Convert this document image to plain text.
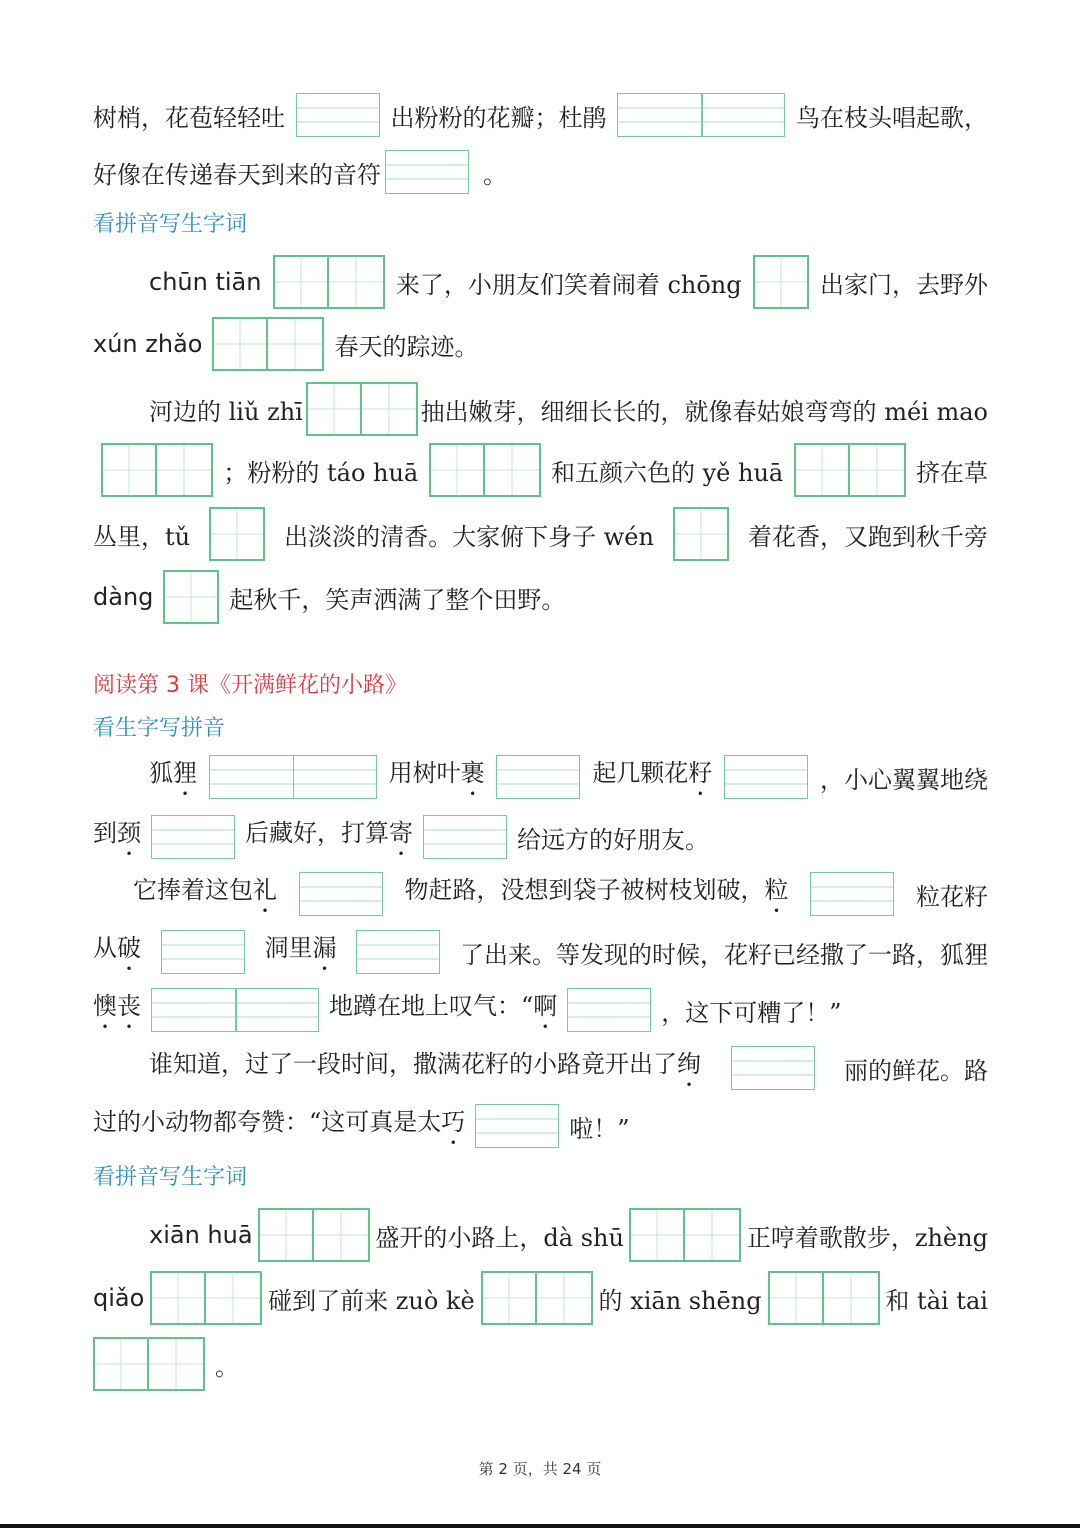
树梢，花苞轻轻吐	出粉粉的花瓣；杜鹃	鸟在枝头唱起歌，
好像在传递春天到来的音符	。
看拼音写生字词
chūn tiān	来了，小朋友们笑着闹着 chōng	出家门，去野外
xún zhǎo	春天的踪迹。
河边的 liǔ zhī	抽出嫩芽，细细长长的，就像春姑娘弯弯的 méi mao
；粉粉的 táo huā	和五颜六色的 yě huā	挤在草
丛里，tǔ	出淡淡的清香。大家俯下身子 wén	着花香，又跑到秋千旁
dàng	起秋千，笑声洒满了整个田野。
阅读第 3 课《开满鲜花的小路》
看生字写拼音
狐狸	用树叶裹	起几颗花籽	，小心翼翼地绕
到颈	后藏好，打算寄	给远方的好朋友。
它捧着这包礼	物赶路，没想到袋子被树枝划破，粒	粒花籽
从破	洞里漏	了出来。等发现的时候，花籽已经撒了一路，狐狸
懊丧	地蹲在地上叹气：“啊	，这下可糟了！”
谁知道，过了一段时间，撒满花籽的小路竟开出了绚	丽的鲜花。路
过的小动物都夸赞：“这可真是太巧	啦！”
看拼音写生字词
xiān huā	盛开的小路上，dà shū	正哼着歌散步，zhèng
qiǎo	碰到了前来 zuò kè	的 xiān shēng	和 tài tai
。
第 2 页，共 24 页
